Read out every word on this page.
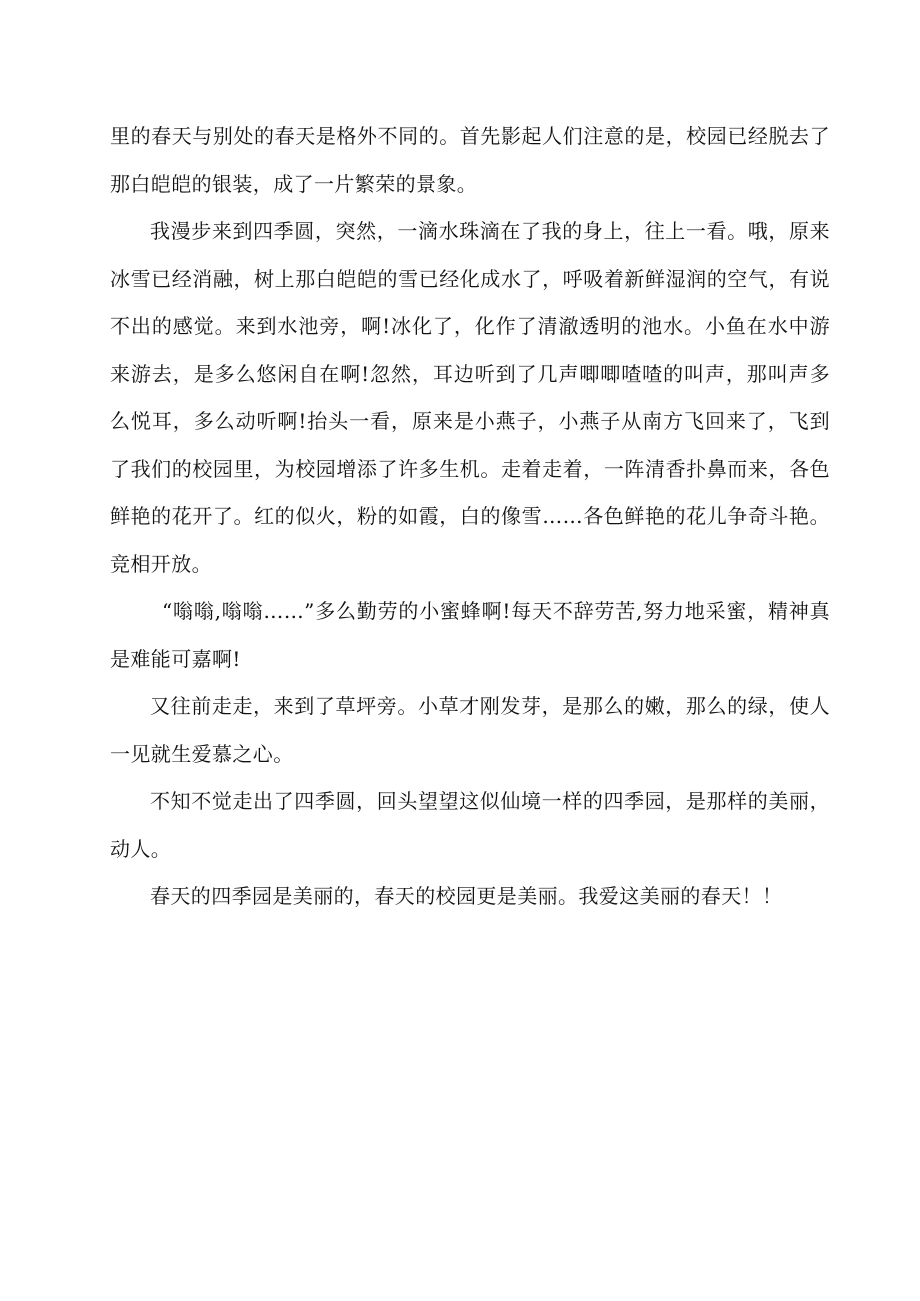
里的春天与别处的春天是格外不同的。首先影起人们注意的是，校园已经脱去了那白皑皑的银装，成了一片繁荣的景象。

我漫步来到四季圆，突然，一滴水珠滴在了我的身上，往上一看。哦，原来冰雪已经消融，树上那白皑皑的雪已经化成水了，呼吸着新鲜湿润的空气，有说不出的感觉。来到水池旁，啊!冰化了，化作了清澈透明的池水。小鱼在水中游来游去，是多么悠闲自在啊!忽然，耳边听到了几声唧唧喳喳的叫声，那叫声多么悦耳，多么动听啊!抬头一看，原来是小燕子，小燕子从南方飞回来了，飞到了我们的校园里，为校园增添了许多生机。走着走着，一阵清香扑鼻而来，各色鲜艳的花开了。红的似火，粉的如霞，白的像雪……各色鲜艳的花儿争奇斗艳。竞相开放。

“嗡嗡,嗡嗡……”多么勤劳的小蜜蜂啊!每天不辞劳苦,努力地采蜜，精神真是难能可嘉啊!

又往前走走，来到了草坪旁。小草才刚发芽，是那么的嫩，那么的绿，使人一见就生爱慕之心。

不知不觉走出了四季圆，回头望望这似仙境一样的四季园，是那样的美丽，动人。

春天的四季园是美丽的，春天的校园更是美丽。我爱这美丽的春天！！
